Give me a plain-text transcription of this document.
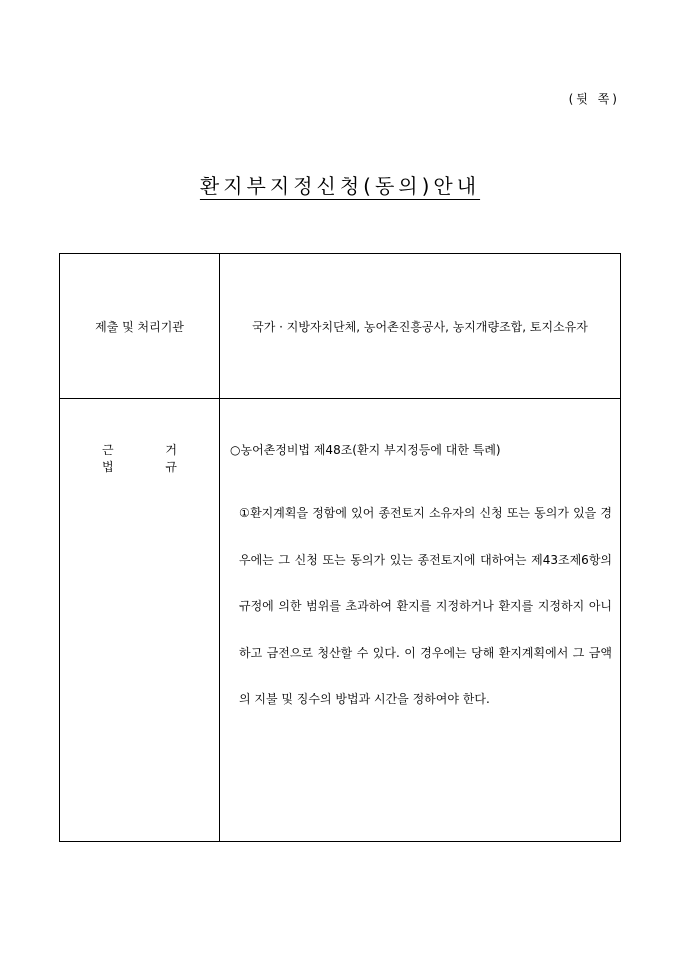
(뒷 쪽)
환지부지정신청(동의)안내
제출 및 처리기관	국가 · 지방자치단체, 농어촌진흥공사, 농지개량조합, 토지소유자
근 거 법 규	○농어촌정비법 제48조(환지 부지정등에 대한 특례)

①환지계획을 정함에 있어 종전토지 소유자의 신청 또는 동의가 있을 경우에는 그 신청 또는 동의가 있는 종전토지에 대하여는 제43조제6항의 규정에 의한 범위를 초과하여 환지를 지정하거나 환지를 지정하지 아니하고 금전으로 청산할 수 있다. 이 경우에는 당해 환지계획에서 그 금액의 지불 및 징수의 방법과 시간을 정하여야 한다.
